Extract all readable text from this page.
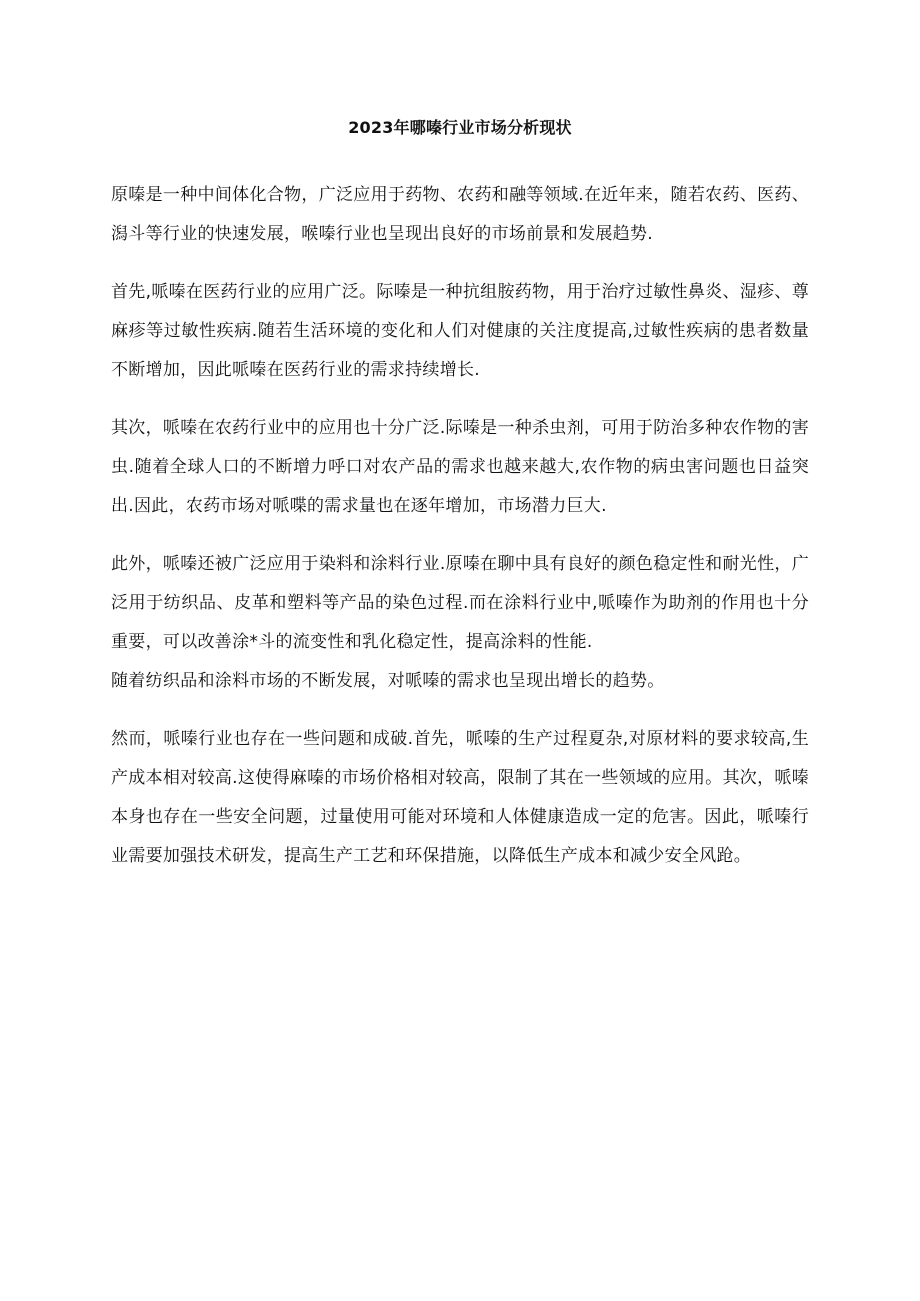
2023年哪嗪行业市场分析现状

原嗪是一种中间体化合物，广泛应用于药物、农药和融等领域.在近年来，随若农药、医药、潟斗等行业的快速发展，喉嗪行业也呈现出良好的市场前景和发展趋势.

首先,哌嗪在医药行业的应用广泛。际嗪是一种抗组胺药物，用于治疗过敏性鼻炎、湿疹、尊麻疹等过敏性疾病.随若生活环境的变化和人们对健康的关注度提高,过敏性疾病的患者数量不断增加，因此哌嗪在医药行业的需求持续增长.

其次，哌嗪在农药行业中的应用也十分广泛.际嗪是一种杀虫剂，可用于防治多种农作物的害虫.随着全球人口的不断增力呼口对农产品的需求也越来越大,农作物的病虫害问题也日益突出.因此，农药市场对哌喋的需求量也在逐年增加，市场潜力巨大.

此外，哌嗪还被广泛应用于染料和涂料行业.原嗪在聊中具有良好的颜色稳定性和耐光性，广泛用于纺织品、皮革和塑料等产品的染色过程.而在涂料行业中,哌嗪作为助剂的作用也十分重要，可以改善涂*斗的流变性和乳化稳定性，提高涂料的性能.

随着纺织品和涂料市场的不断发展，对哌嗪的需求也呈现出增长的趋势。

然而，哌嗪行业也存在一些问题和成破.首先，哌嗪的生产过程夏杂,对原材料的要求较高,生产成本相对较高.这使得麻嗪的市场价格相对较高，限制了其在一些领域的应用。其次，哌嗪本身也存在一些安全问题，过量使用可能对环境和人体健康造成一定的危害。因此，哌嗪行业需要加强技术研发，提高生产工艺和环保措施，以降低生产成本和减少安全风跄。
